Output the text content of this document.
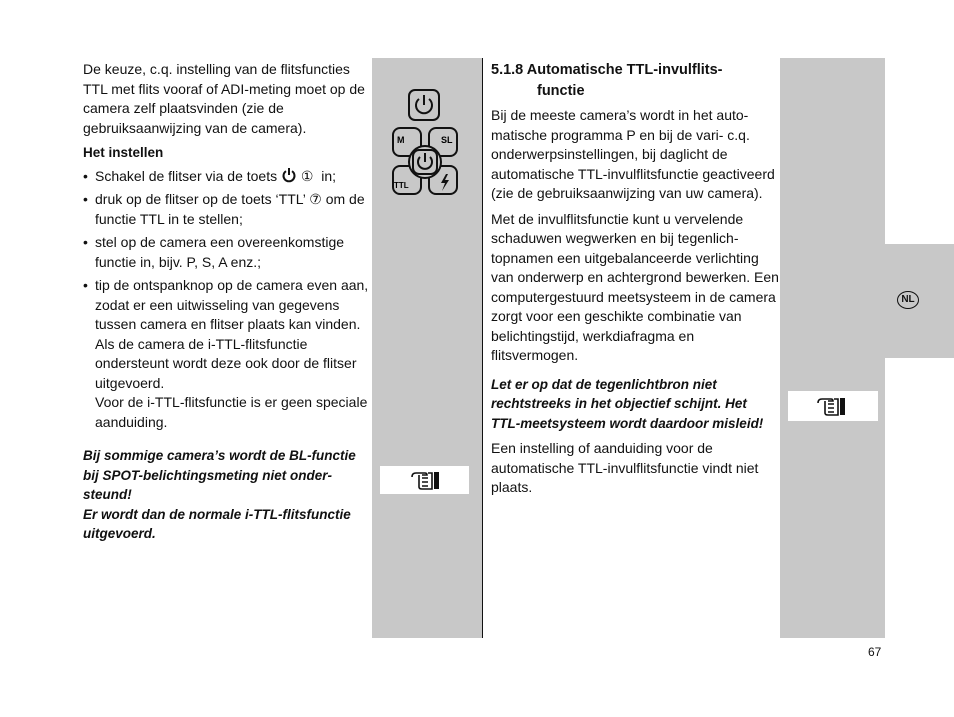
De keuze, c.q. instelling van de flitsfuncties TTL met flits vooraf of ADI-meting moet op de camera zelf plaatsvinden (zie de gebruiksaanwijzing van de camera).

Het instellen

• Schakel de flitser via de toets ① in;
• druk op de flitser op de toets ‘TTL’ ⑦ om de functie TTL in te stellen;
• stel op de camera een overeenkomstige functie in, bijv. P, S, A enz.;
• tip de ontspanknop op de camera even aan, zodat er een uitwisseling van gegevens tussen camera en flitser plaats kan vinden.
Als de camera de i-TTL-flitsfunctie ondersteunt wordt deze ook door de flitser uitgevoerd.
Voor de i-TTL-flitsfunctie is er geen speciale aanduiding.

Bij sommige camera’s wordt de BL-functie bij SPOT-belichtingsmeting niet ondersteund!

Er wordt dan de normale i-TTL-flitsfunctie uitgevoerd.

M	SL
TTL

5.1.8 Automatische TTL-invulflits-

functie

Bij de meeste camera’s wordt in het automatische programma P en bij de vari- c.q. onderwerpsinstellingen, bij daglicht de automatische TTL-invulflitsfunctie geactiveerd (zie de gebruiksaanwijzing van uw camera).

Met de invulflitsfunctie kunt u vervelende schaduwen wegwerken en bij tegenlichtopnamen een uitgebalanceerde verlichting van onderwerp en achtergrond bewerken. Een computergestuurd meetsysteem in de camera zorgt voor een geschikte combinatie van belichtingstijd, werkdiafragma en flitsvermogen.

Let er op dat de tegenlichtbron niet rechtstreeks in het objectief schijnt. Het TTL-meetsysteem wordt daardoor misleid!

Een instelling of aanduiding voor de automatische TTL-invulflitsfunctie vindt niet plaats.

NL
67
